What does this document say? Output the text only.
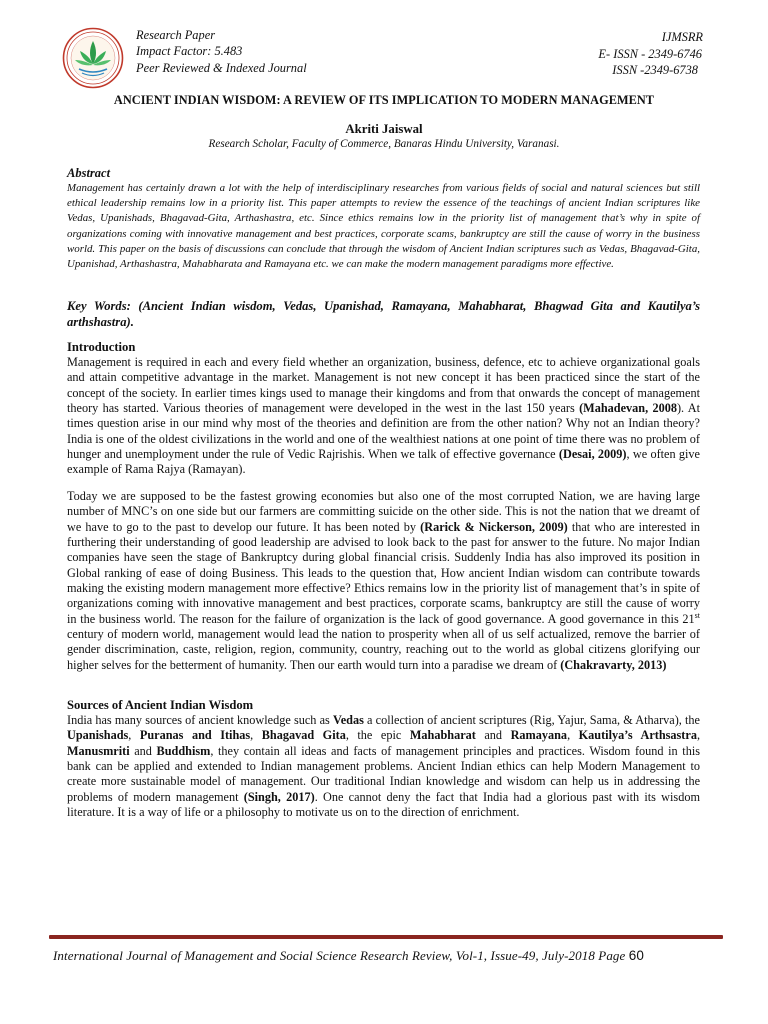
Research Paper
Impact Factor: 5.483
Peer Reviewed & Indexed Journal
IJMSRR
E- ISSN - 2349-6746
ISSN -2349-6738
ANCIENT INDIAN WISDOM: A REVIEW OF ITS IMPLICATION TO MODERN MANAGEMENT
Akriti Jaiswal
Research Scholar, Faculty of Commerce, Banaras Hindu University, Varanasi.
Abstract
Management has certainly drawn a lot with the help of interdisciplinary researches from various fields of social and natural sciences but still ethical leadership remains low in a priority list. This paper attempts to review the essence of the teachings of ancient Indian scriptures like Vedas, Upanishads, Bhagavad-Gita, Arthashastra, etc. Since ethics remains low in the priority list of management that’s why in spite of organizations coming with innovative management and best practices, corporate scams, bankruptcy are still the cause of worry in the business world. This paper on the basis of discussions can conclude that through the wisdom of Ancient Indian scriptures such as Vedas, Bhagavad-Gita, Upanishad, Arthashastra, Mahabharata and Ramayana etc. we can make the modern management paradigms more effective.
Key Words: (Ancient Indian wisdom, Vedas, Upanishad, Ramayana, Mahabharat, Bhagwad Gita and Kautilya’s arthshastra).
Introduction
Management is required in each and every field whether an organization, business, defence, etc to achieve organizational goals and attain competitive advantage in the market. Management is not new concept it has been practiced since the start of the concept of the society. In earlier times kings used to manage their kingdoms and from that onwards the concept of management theory has started. Various theories of management were developed in the west in the last 150 years (Mahadevan, 2008). At times question arise in our mind why most of the theories and definition are from the other nation? Why not an Indian theory? India is one of the oldest civilizations in the world and one of the wealthiest nations at one point of time there was no problem of hunger and unemployment under the rule of Vedic Rajrishis. When we talk of effective governance (Desai, 2009), we often give example of Rama Rajya (Ramayan).
Today we are supposed to be the fastest growing economies but also one of the most corrupted Nation, we are having large number of MNC’s on one side but our farmers are committing suicide on the other side. This is not the nation that we dreamt of we have to go to the past to develop our future. It has been noted by (Rarick & Nickerson, 2009) that who are interested in furthering their understanding of good leadership are advised to look back to the past for answer to the future. No major Indian companies have seen the stage of Bankruptcy during global financial crisis. Suddenly India has also improved its position in Global ranking of ease of doing Business. This leads to the question that, How ancient Indian wisdom can contribute towards making the existing modern management more effective? Ethics remains low in the priority list of management that’s in spite of organizations coming with innovative management and best practices, corporate scams, bankruptcy are still the cause of worry in the business world. The reason for the failure of organization is the lack of good governance. A good governance in this 21st century of modern world, management would lead the nation to prosperity when all of us self actualized, remove the barrier of gender discrimination, caste, religion, region, community, country, reaching out to the world as global citizens glorifying our higher selves for the betterment of humanity. Then our earth would turn into a paradise we dream of (Chakravarty, 2013)
Sources of Ancient Indian Wisdom
India has many sources of ancient knowledge such as Vedas a collection of ancient scriptures (Rig, Yajur, Sama, & Atharva), the Upanishads, Puranas and Itihas, Bhagavad Gita, the epic Mahabharat and Ramayana, Kautilya’s Arthsastra, Manusmriti and Buddhism, they contain all ideas and facts of management principles and practices. Wisdom found in this bank can be applied and extended to Indian management problems. Ancient Indian ethics can help Modern Management to create more sustainable model of management. Our traditional Indian knowledge and wisdom can help us in addressing the problems of modern management (Singh, 2017). One cannot deny the fact that India had a glorious past with its wisdom literature. It is a way of life or a philosophy to motivate us on to the direction of enrichment.
International Journal of Management and Social Science Research Review, Vol-1, Issue-49, July-2018 Page 60
